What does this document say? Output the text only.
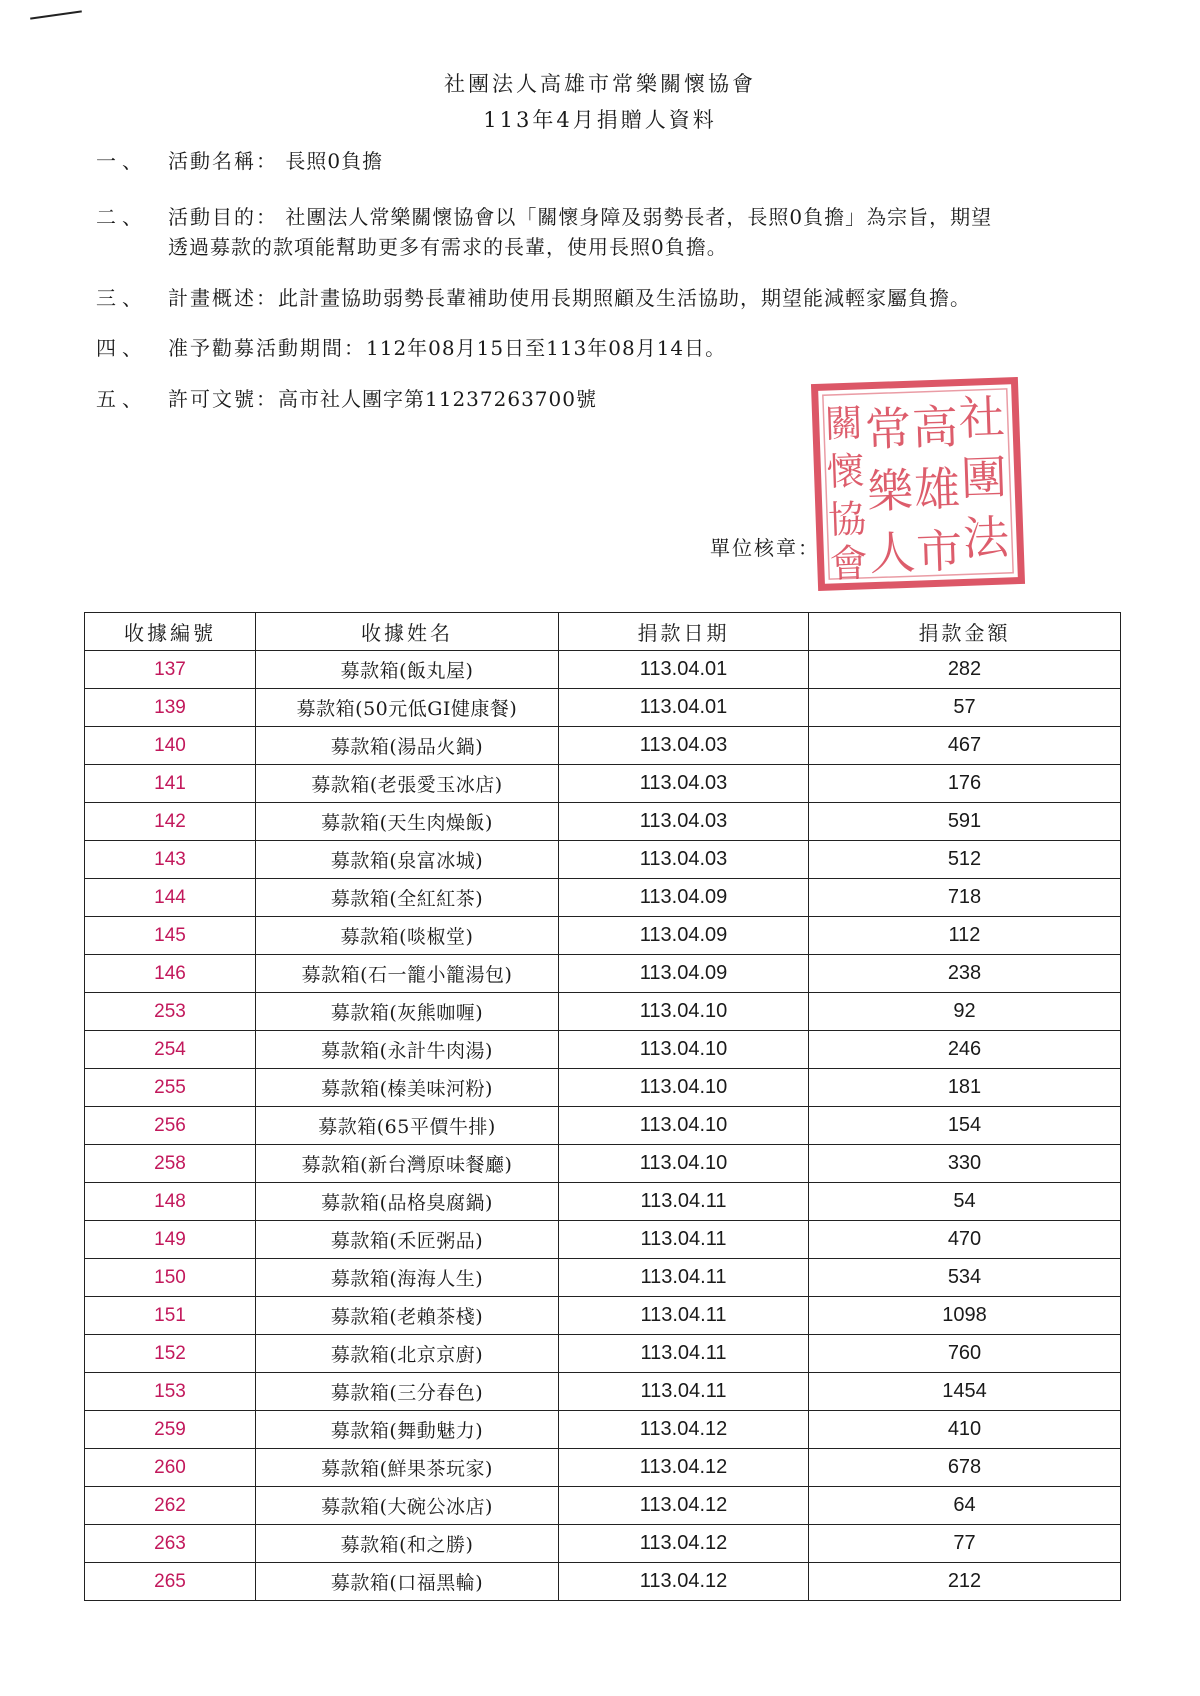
社團法人高雄市常樂關懷協會
113年4月捐贈人資料
一、 活動名稱： 長照0負擔
二、 活動目的： 社團法人常樂關懷協會以「關懷身障及弱勢長者，長照0負擔」為宗旨，期望
透過募款的款項能幫助更多有需求的長輩，使用長照0負擔。
三、 計畫概述：此計畫協助弱勢長輩補助使用長期照顧及生活協助，期望能減輕家屬負擔。
四、 准予勸募活動期間：112年08月15日至113年08月14日。
五、 許可文號：高市社人團字第11237263700號
單位核章：
社
團
法
高
雄
市
常
樂
人
關
懷
協
會
收據編號	收據姓名	捐款日期	捐款金額
137	募款箱(飯丸屋)	113.04.01	282
139	募款箱(50元低GI健康餐)	113.04.01	57
140	募款箱(湯品火鍋)	113.04.03	467
141	募款箱(老張愛玉冰店)	113.04.03	176
142	募款箱(天生肉燥飯)	113.04.03	591
143	募款箱(泉富冰城)	113.04.03	512
144	募款箱(全紅紅茶)	113.04.09	718
145	募款箱(啖椒堂)	113.04.09	112
146	募款箱(石一籠小籠湯包)	113.04.09	238
253	募款箱(灰熊咖喱)	113.04.10	92
254	募款箱(永計牛肉湯)	113.04.10	246
255	募款箱(榛美味河粉)	113.04.10	181
256	募款箱(65平價牛排)	113.04.10	154
258	募款箱(新台灣原味餐廳)	113.04.10	330
148	募款箱(品格臭腐鍋)	113.04.11	54
149	募款箱(禾匠粥品)	113.04.11	470
150	募款箱(海海人生)	113.04.11	534
151	募款箱(老賴茶棧)	113.04.11	1098
152	募款箱(北京京廚)	113.04.11	760
153	募款箱(三分春色)	113.04.11	1454
259	募款箱(舞動魅力)	113.04.12	410
260	募款箱(鮮果茶玩家)	113.04.12	678
262	募款箱(大碗公冰店)	113.04.12	64
263	募款箱(和之勝)	113.04.12	77
265	募款箱(口福黑輪)	113.04.12	212
